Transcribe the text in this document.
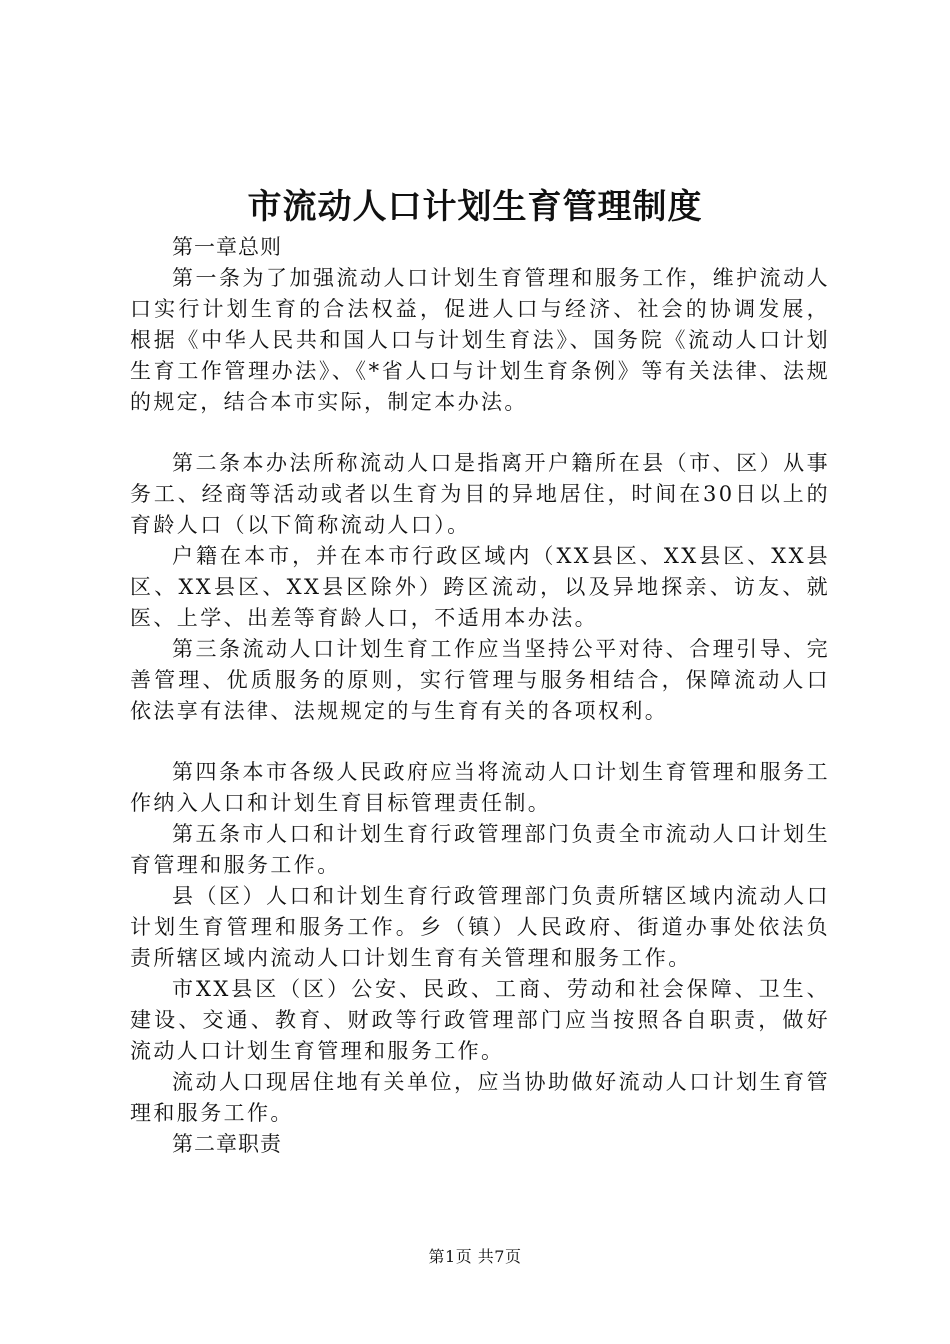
市流动人口计划生育管理制度

第一章总则

第一条为了加强流动人口计划生育管理和服务工作，维护流动人口实行计划生育的合法权益，促进人口与经济、社会的协调发展，根据《中华人民共和国人口与计划生育法》、国务院《流动人口计划生育工作管理办法》、《*省人口与计划生育条例》等有关法律、法规的规定，结合本市实际，制定本办法。

第二条本办法所称流动人口是指离开户籍所在县（市、区）从事务工、经商等活动或者以生育为目的异地居住，时间在30日以上的育龄人口（以下简称流动人口）。

户籍在本市，并在本市行政区域内（XX县区、XX县区、XX县区、XX县区、XX县区除外）跨区流动，以及异地探亲、访友、就医、上学、出差等育龄人口，不适用本办法。

第三条流动人口计划生育工作应当坚持公平对待、合理引导、完善管理、优质服务的原则，实行管理与服务相结合，保障流动人口依法享有法律、法规规定的与生育有关的各项权利。

第四条本市各级人民政府应当将流动人口计划生育管理和服务工作纳入人口和计划生育目标管理责任制。

第五条市人口和计划生育行政管理部门负责全市流动人口计划生育管理和服务工作。

县（区）人口和计划生育行政管理部门负责所辖区域内流动人口计划生育管理和服务工作。乡（镇）人民政府、街道办事处依法负责所辖区域内流动人口计划生育有关管理和服务工作。

市XX县区（区）公安、民政、工商、劳动和社会保障、卫生、建设、交通、教育、财政等行政管理部门应当按照各自职责，做好流动人口计划生育管理和服务工作。

流动人口现居住地有关单位，应当协助做好流动人口计划生育管理和服务工作。

第二章职责

第1页 共7页
